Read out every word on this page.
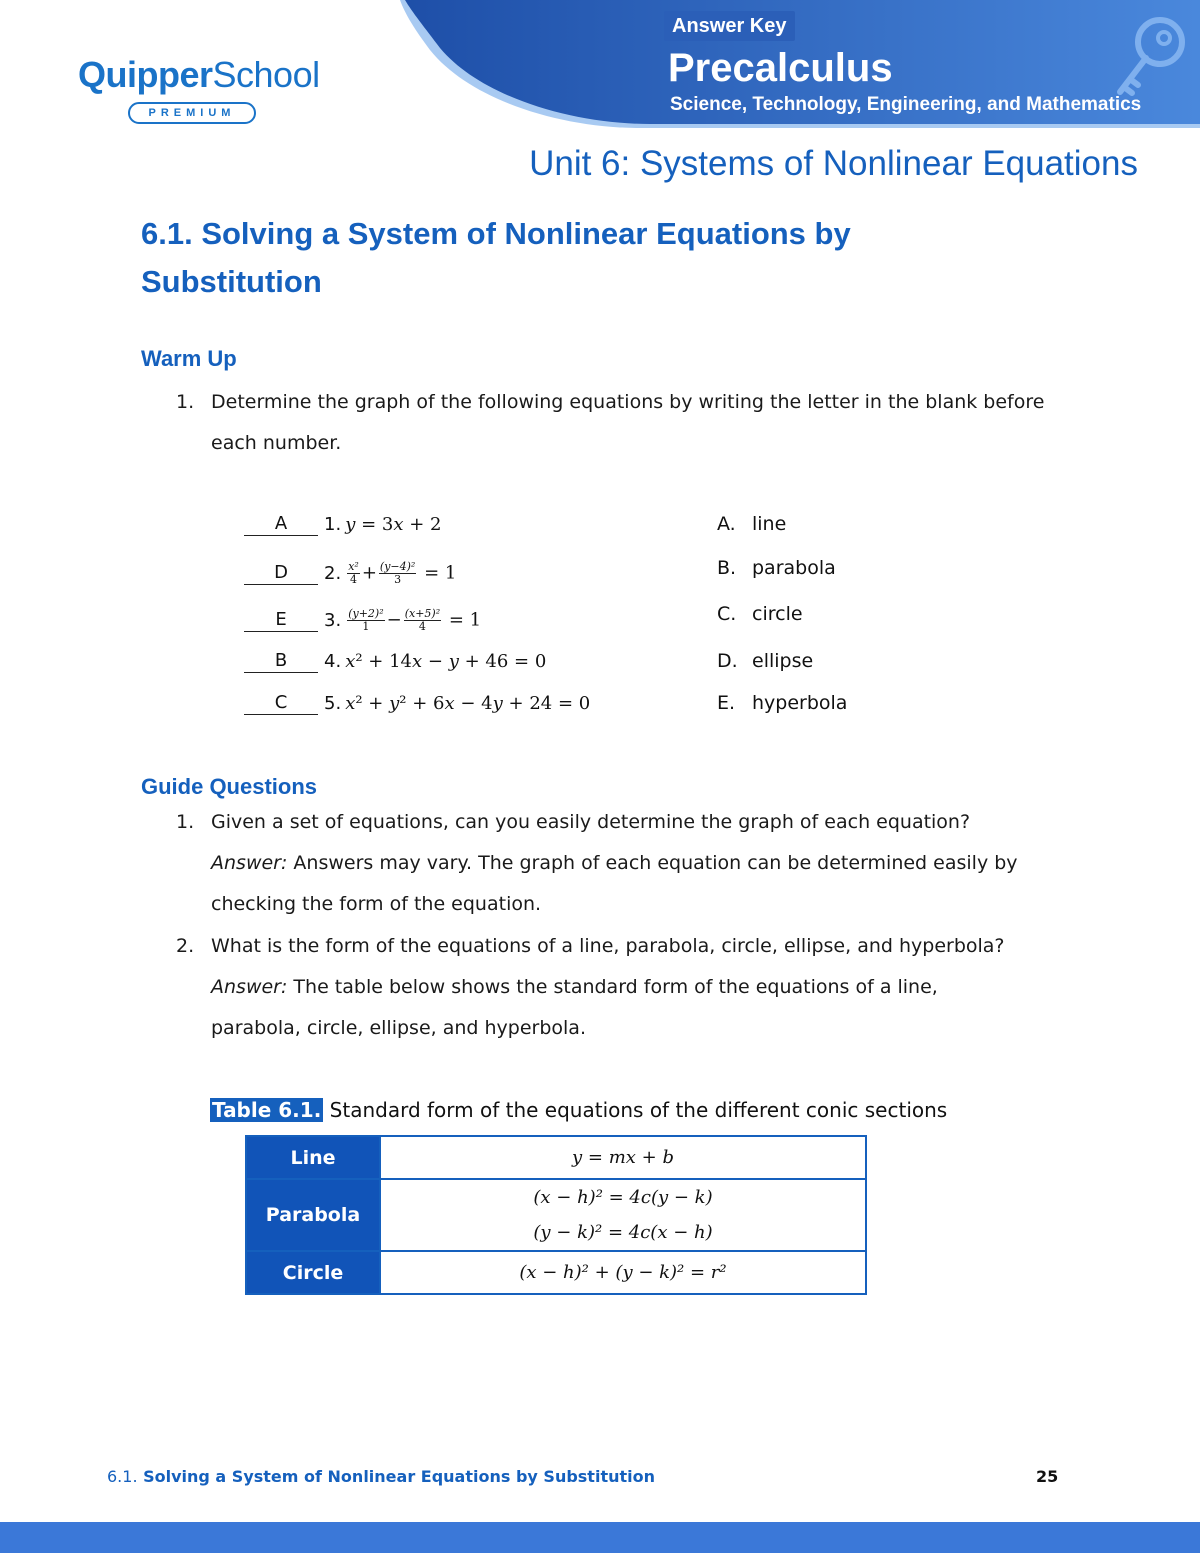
QuipperSchool
PREMIUM
Answer Key
Precalculus
Science, Technology, Engineering, and Mathematics
Unit 6: Systems of Nonlinear Equations
6.1. Solving a System of Nonlinear Equations by Substitution
Warm Up
1. Determine the graph of the following equations by writing the letter in the blank before each number.
A	1. y = 3x + 2
D	2. $\frac{\text{x²}}{4} + \frac{\text{(y−4)²}}{3} = 1$
E	3. $\frac{\text{(y+2)²}}{1} - \frac{\text{(x+5)²}}{4} = 1$
B	4. x² + 14x − y + 46 = 0
C	5. x² + y² + 6x − 4y + 24 = 0
A. line
B. parabola
C. circle
D. ellipse
E. hyperbola
Guide Questions
1. Given a set of equations, can you easily determine the graph of each equation?
Answer: Answers may vary. The graph of each equation can be determined easily by checking the form of the equation.
2. What is the form of the equations of a line, parabola, circle, ellipse, and hyperbola?
Answer: The table below shows the standard form of the equations of a line, parabola, circle, ellipse, and hyperbola.
Table 6.1. Standard form of the equations of the different conic sections
Line	y = mx + b

Parabola	(x − h)² = 4c(y − k)
(y − k)² = 4c(x − h)

Circle	(x − h)² + (y − k)² = r²
6.1. Solving a System of Nonlinear Equations by Substitution	25
